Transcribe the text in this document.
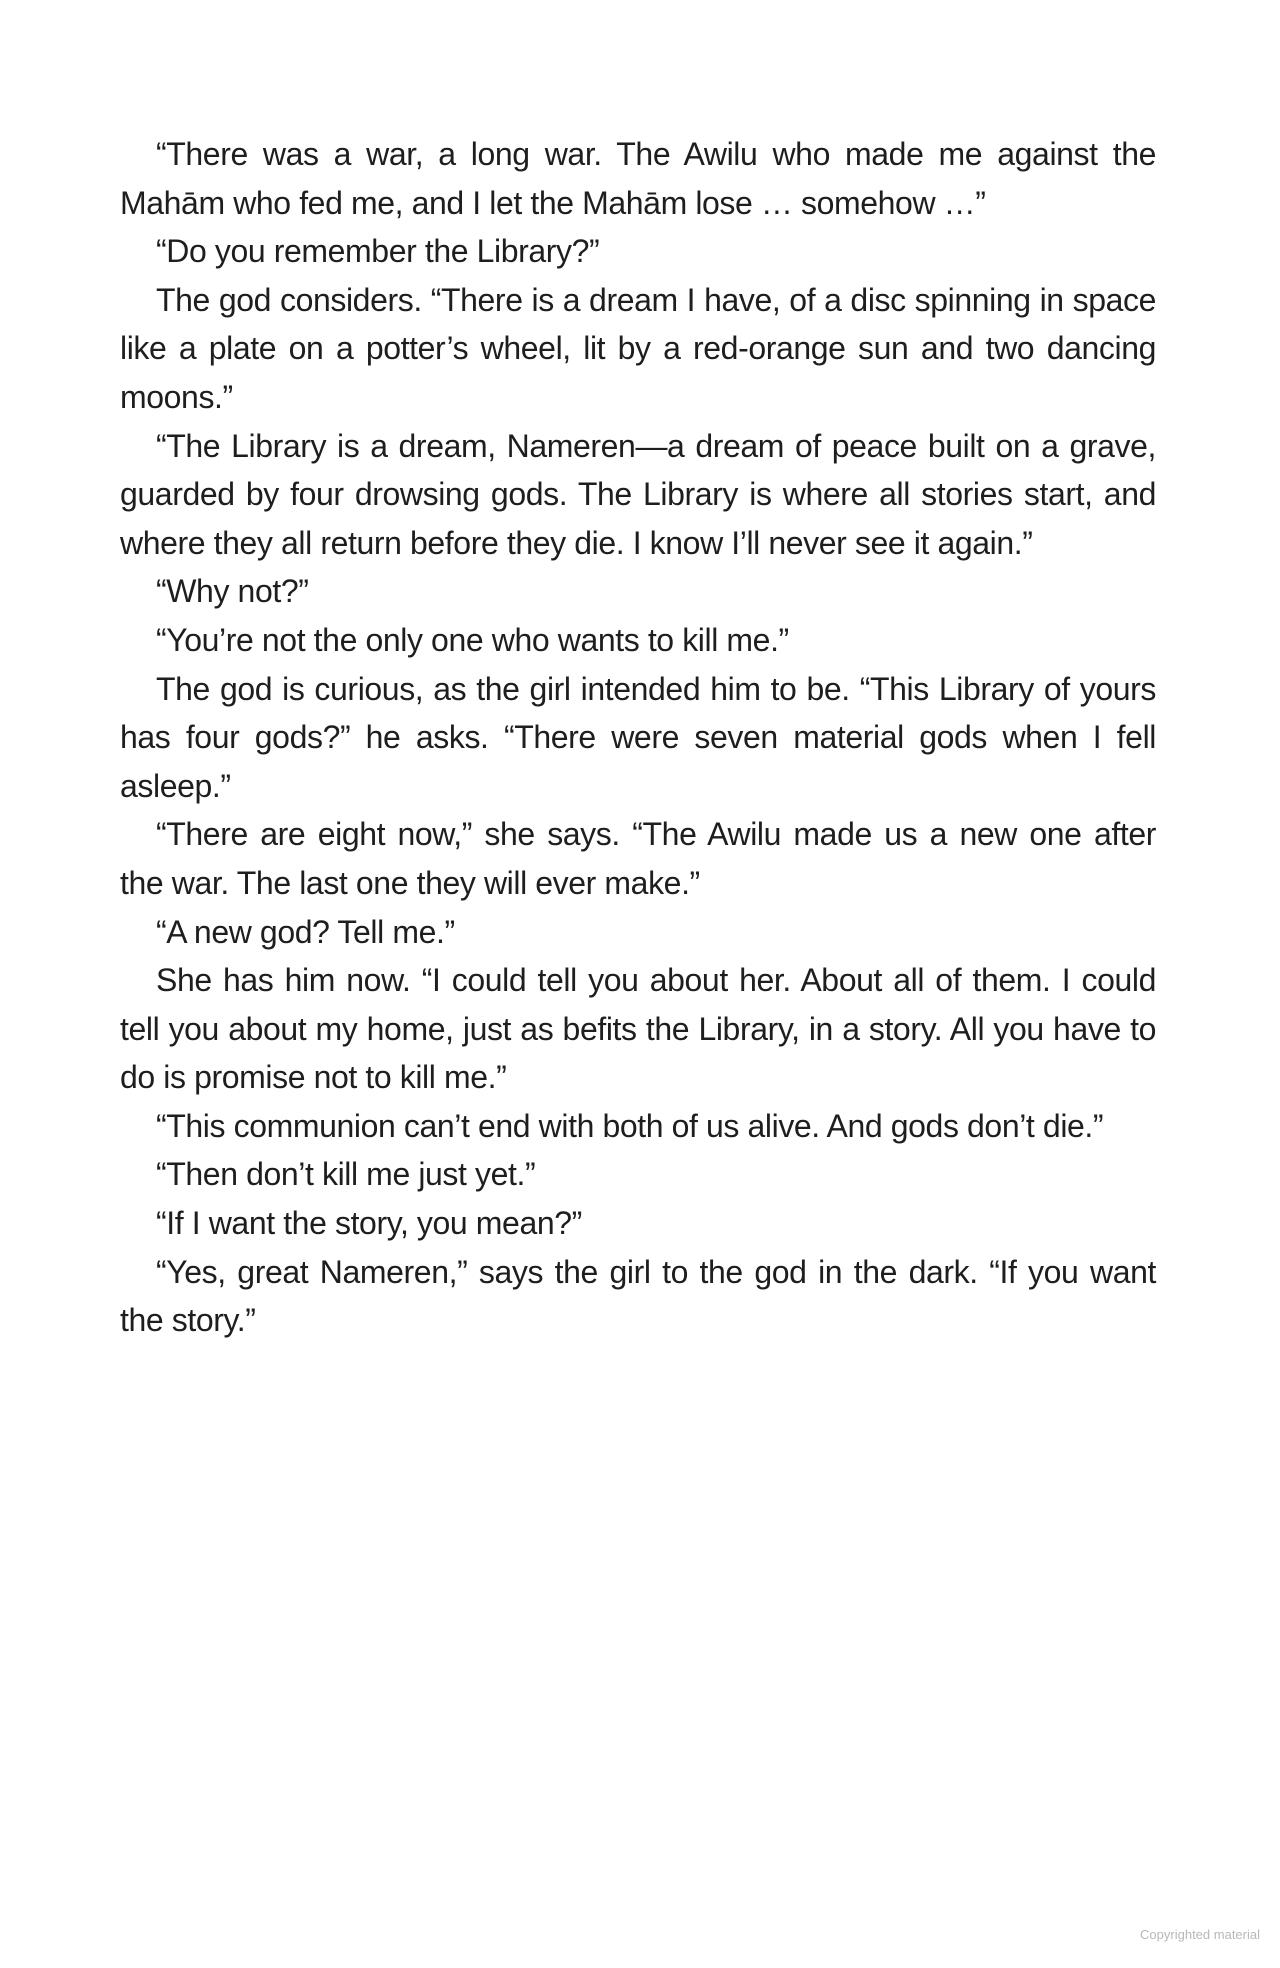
“There was a war, a long war. The Awilu who made me against the Mahām who fed me, and I let the Mahām lose … somehow …”

“Do you remember the Library?”

The god considers. “There is a dream I have, of a disc spinning in space like a plate on a potter’s wheel, lit by a red-orange sun and two dancing moons.”

“The Library is a dream, Nameren—a dream of peace built on a grave, guarded by four drowsing gods. The Library is where all stories start, and where they all return before they die. I know I’ll never see it again.”

“Why not?”

“You’re not the only one who wants to kill me.”

The god is curious, as the girl intended him to be. “This Library of yours has four gods?” he asks. “There were seven material gods when I fell asleep.”

“There are eight now,” she says. “The Awilu made us a new one after the war. The last one they will ever make.”

“A new god? Tell me.”

She has him now. “I could tell you about her. About all of them. I could tell you about my home, just as befits the Library, in a story. All you have to do is promise not to kill me.”

“This communion can’t end with both of us alive. And gods don’t die.”

“Then don’t kill me just yet.”

“If I want the story, you mean?”

“Yes, great Nameren,” says the girl to the god in the dark. “If you want the story.”

Copyrighted material
